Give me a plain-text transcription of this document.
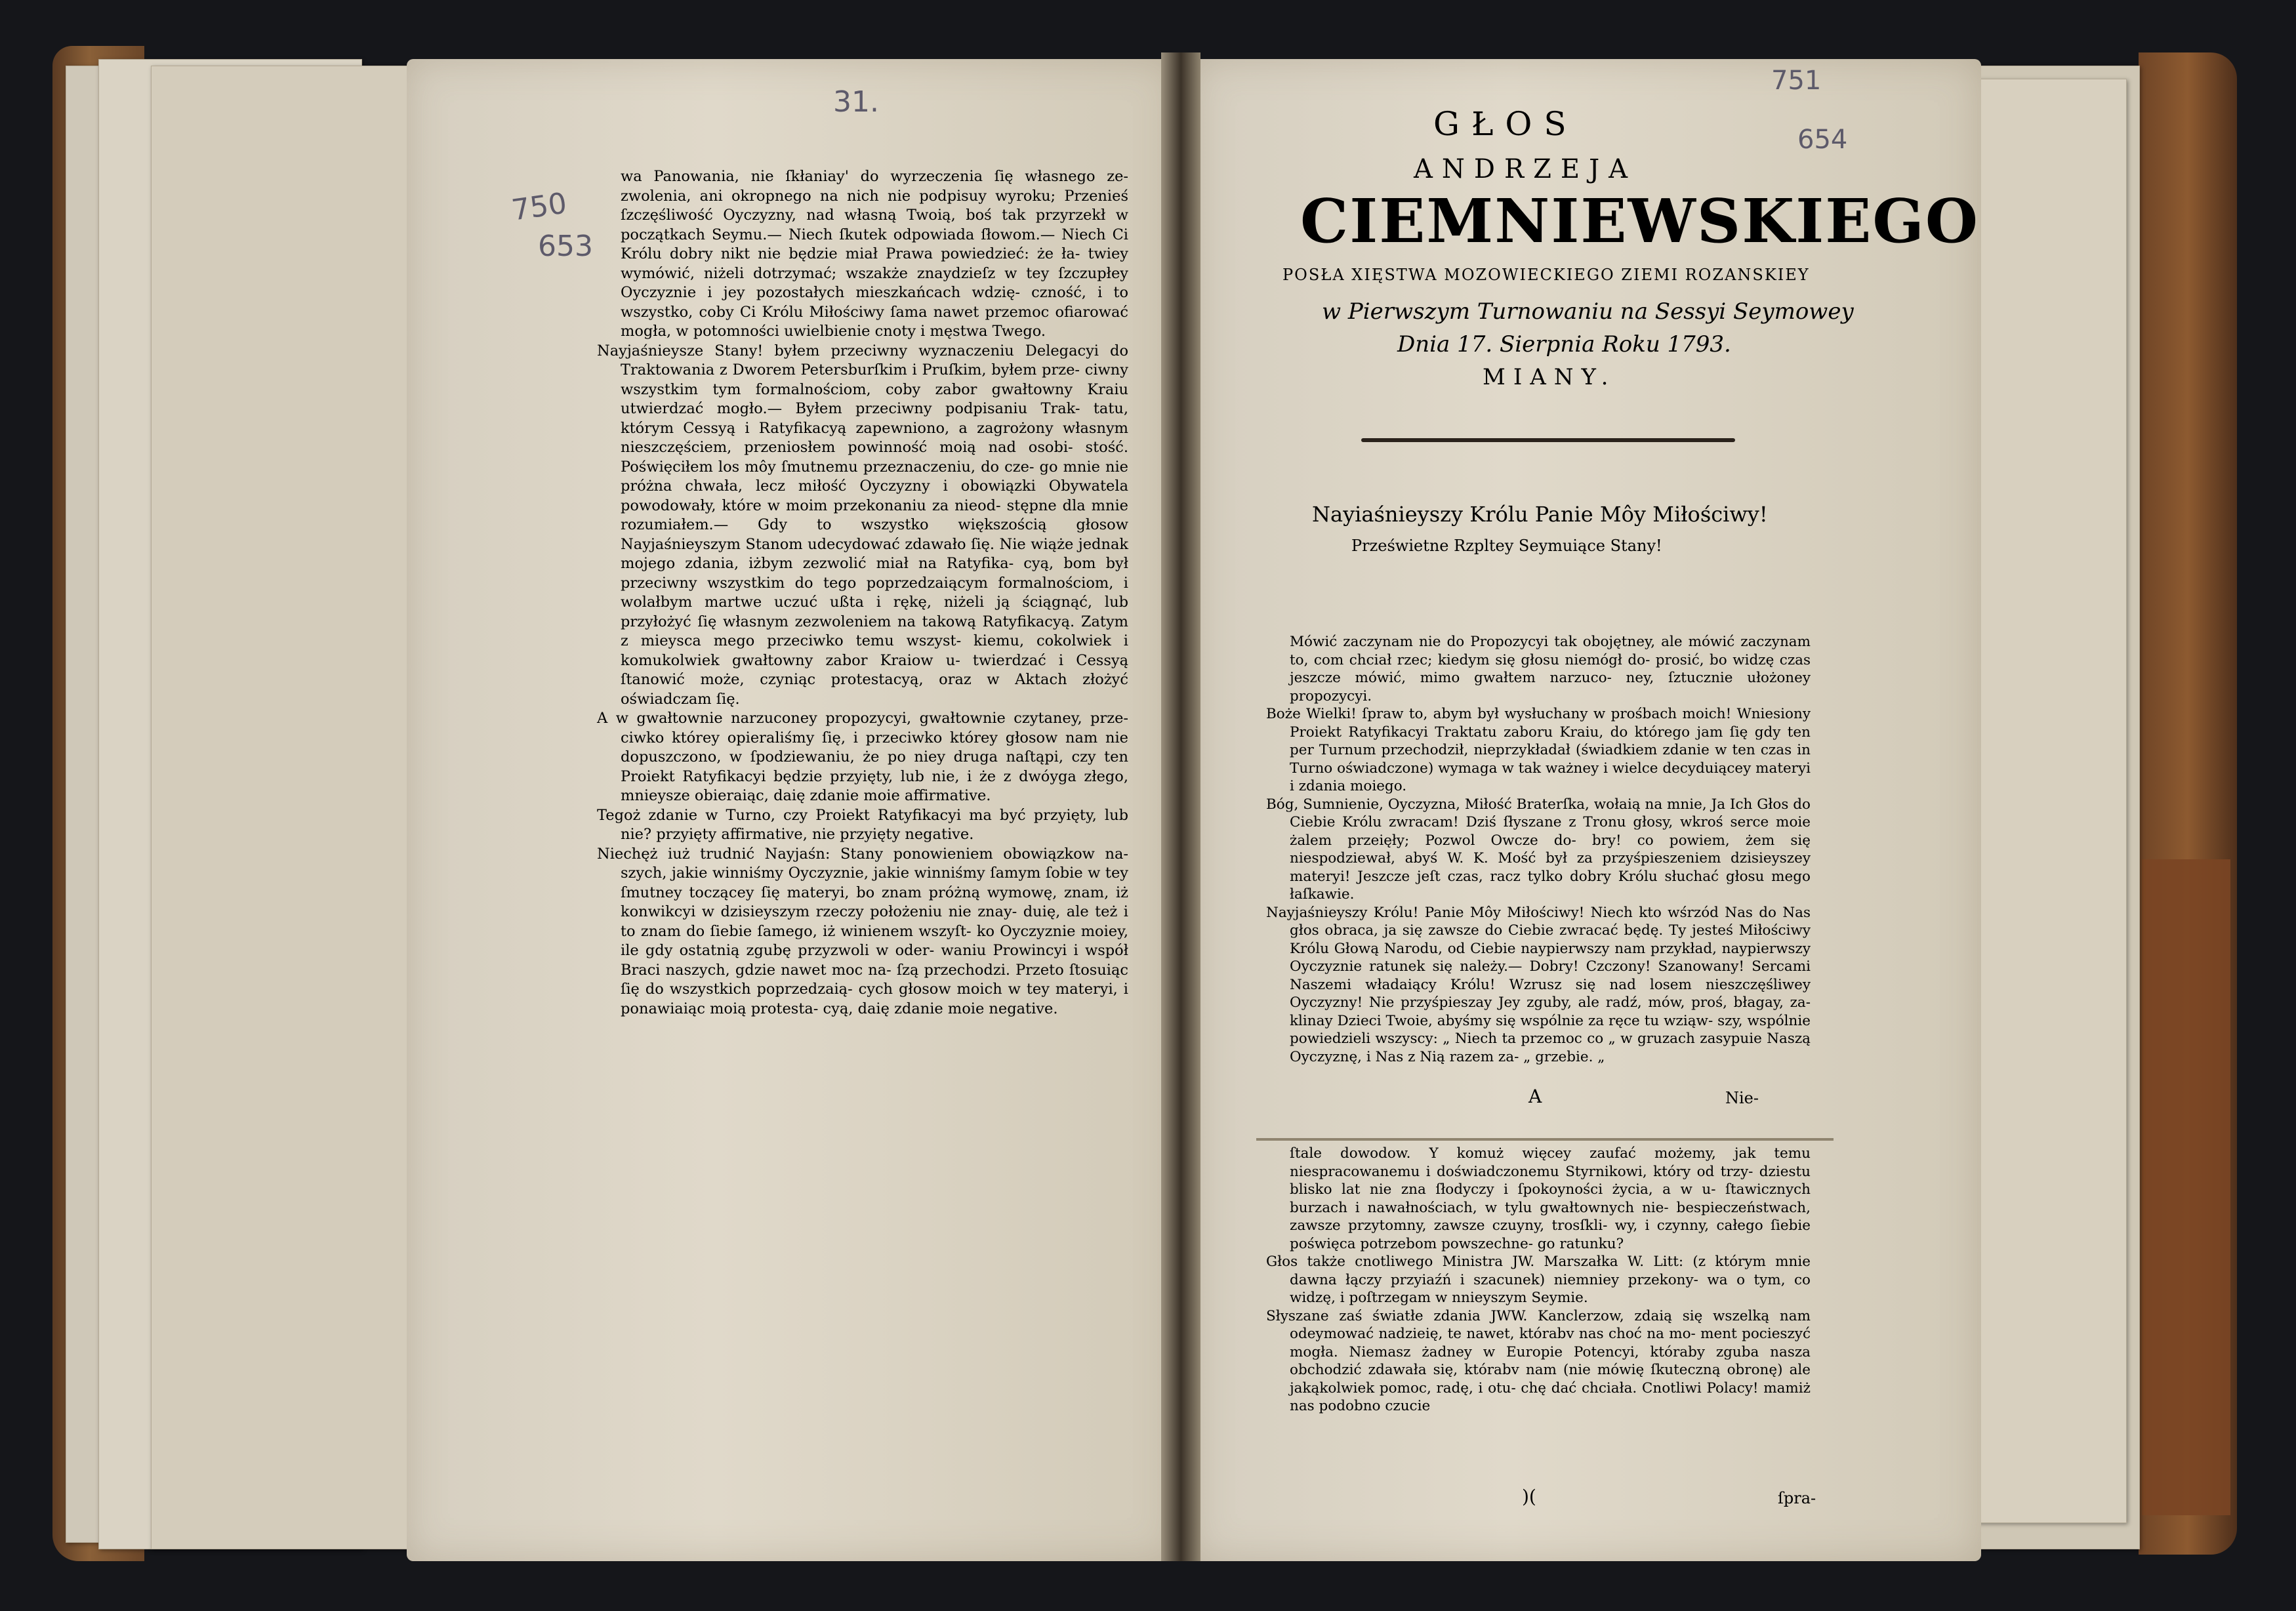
31.
750
653
751
654

wa Panowania, nie ſkłaniay' do wyrzeczenia ſię własnego ze- zwolenia, ani okropnego na nich nie podpisuy wyroku; Przenieś ſzczęśliwość Oyczyzny, nad własną Twoią, boś tak przyrzekł w początkach Seymu.— Niech ſkutek odpowiada ſłowom.— Niech Ci Królu dobry nikt nie będzie miał Prawa powiedzieć: że ła- twiey wymówić, niżeli dotrzymać; wszakże znaydzieſz w tey ſzczupłey Oyczyznie i jey pozostałych mieszkańcach wdzię- czność, i to wszystko, coby Ci Królu Miłościwy ſama nawet przemoc ofiarować mogła, w potomności uwielbienie cnoty i męstwa Twego.

Nayjaśnieysze Stany! byłem przeciwny wyznaczeniu Delegacyi do Traktowania z Dworem Petersburſkim i Pruſkim, byłem prze- ciwny wszystkim tym formalnościom, coby zabor gwałtowny Kraiu utwierdzać mogło.— Byłem przeciwny podpisaniu Trak- tatu, którym Cessyą i Ratyfikacyą zapewniono, a zagrożony własnym nieszczęściem, przeniosłem powinność moią nad osobi- stość. Poświęciłem los môy ſmutnemu przeznaczeniu, do cze- go mnie nie próżna chwała, lecz miłość Oyczyzny i obowiązki Obywatela powodowały, które w moim przekonaniu za nieod- stępne dla mnie rozumiałem.— Gdy to wszystko większością głosow Nayjaśnieyszym Stanom udecydować zdawało ſię. Nie wiąże jednak mojego zdania, iżbym zezwolić miał na Ratyfika- cyą, bom był przeciwny wszystkim do tego poprzedzaiącym formalnościom, i wolałbym martwe uczuć ußta i rękę, niżeli ją ściągnąć, lub przyłożyć ſię własnym zezwoleniem na takową Ratyfikacyą. Zatym z mieysca mego przeciwko temu wszyst- kiemu, cokolwiek i komukolwiek gwałtowny zabor Kraiow u- twierdzać i Cessyą ſtanowić może, czyniąc protestacyą, oraz w Aktach złożyć oświadczam ſię.

A w gwałtownie narzuconey propozycyi, gwałtownie czytaney, prze- ciwko którey opieraliśmy ſię, i przeciwko którey głosow nam nie dopuszczono, w ſpodziewaniu, że po niey druga naſtąpi, czy ten Proiekt Ratyfikacyi będzie przyięty, lub nie, i że z dwóyga złego, mnieysze obieraiąc, daię zdanie moie affirmative.

Tegoż zdanie w Turno, czy Proiekt Ratyfikacyi ma być przyięty, lub nie? przyięty affirmative, nie przyięty negative.

Niechęż iuż trudnić Nayjaśn: Stany ponowieniem obowiązkow na- szych, jakie winniśmy Oyczyznie, jakie winniśmy ſamym ſobie w tey ſmutney toczącey ſię materyi, bo znam próżną wymowę, znam, iż konwikcyi w dzisieyszym rzeczy położeniu nie znay- duię, ale też i to znam do ſiebie ſamego, iż winienem wszyſt- ko Oyczyznie moiey, ile gdy ostatnią zgubę przyzwoli w oder- waniu Prowincyi i współ Braci naszych, gdzie nawet moc na- ſzą przechodzi. Przeto ſtosuiąc ſię do wszystkich poprzedzaią- cych głosow moich w tey materyi, i ponawiaiąc moią protesta- cyą, daię zdanie moie negative.

GŁOS
ANDRZEJA
CIEMNIEWSKIEGO
POSŁA XIĘSTWA MOZOWIECKIEGO ZIEMI ROZANSKIEY
w Pierwszym Turnowaniu na Sessyi Seymowey
Dnia 17. Sierpnia Roku 1793.
MIANY.
Nayiaśnieyszy Królu Panie Môy Miłościwy!
Prześwietne Rzpltey Seymuiące Stany!

Mówić zaczynam nie do Propozycyi tak obojętney, ale mówić zaczynam to, com chciał rzec; kiedym się głosu niemógł do- prosić, bo widzę czas jeszcze mówić, mimo gwałtem narzuco- ney, ſztucznie ułożoney propozycyi.

Boże Wielki! ſpraw to, abym był wysłuchany w prośbach moich! Wniesiony Proiekt Ratyfikacyi Traktatu zaboru Kraiu, do którego jam ſię gdy ten per Turnum przechodził, nieprzykładał (świadkiem zdanie w ten czas in Turno oświadczone) wymaga w tak ważney i wielce decyduiącey materyi i zdania moiego.

Bóg, Sumnienie, Oyczyzna, Miłość Braterſka, wołaią na mnie, Ja Ich Głos do Ciebie Królu zwracam! Dziś ſłyszane z Tronu głosy, wkroś serce moie żalem przeięły; Pozwol Owcze do- bry! co powiem, żem się niespodziewał, abyś W. K. Mość był za przyśpieszeniem dzisieyszey materyi! Jeszcze jeſt czas, racz tylko dobry Królu słuchać głosu mego łaſkawie.

Nayjaśnieyszy Królu! Panie Môy Miłościwy! Niech kto wśrzód Nas do Nas głos obraca, ja się zawsze do Ciebie zwracać będę. Ty jesteś Miłościwy Królu Głową Narodu, od Ciebie naypierwszy nam przykład, naypierwszy Oyczyznie ratunek się należy.— Dobry! Czczony! Szanowany! Sercami Naszemi władaiący Królu! Wzrusz się nad losem nieszczęśliwey Oyczyzny! Nie przyśpieszay Jey zguby, ale radź, mów, proś, błagay, za- klinay Dzieci Twoie, abyśmy się wspólnie za ręce tu wziąw- szy, wspólnie powiedzieli wszyscy: „ Niech ta przemoc co „ w gruzach zasypuie Naszą Oyczyznę, i Nas z Nią razem za- „ grzebie. „

A	Nie-

ſtale dowodow. Y komuż więcey zaufać możemy, jak temu niespracowanemu i doświadczonemu Styrnikowi, który od trzy- dziestu blisko lat nie zna ſłodyczy i ſpokoyności życia, a w u- ſtawicznych burzach i nawałnościach, w tylu gwałtownych nie- bespieczeństwach, zawsze przytomny, zawsze czuyny, trosſkli- wy, i czynny, całego ſiebie poświęca potrzebom powszechne- go ratunku?

Głos także cnotliwego Ministra JW. Marszałka W. Litt: (z którym mnie dawna łączy przyiaźń i szacunek) niemniey przekony- wa o tym, co widzę, i poſtrzegam w nnieyszym Seymie.

Słyszane zaś światłe zdania JWW. Kanclerzow, zdaią się wszelką nam odeymować nadzieię, te nawet, którabv nas choć na mo- ment pocieszyć mogła. Niemasz żadney w Europie Potencyi, któraby zguba nasza obchodzić zdawała się, którabv nam (nie mówię ſkuteczną obronę) ale jakąkolwiek pomoc, radę, i otu- chę dać chciała. Cnotliwi Polacy! mamiż nas podobno czucie

)(	ſpra-
